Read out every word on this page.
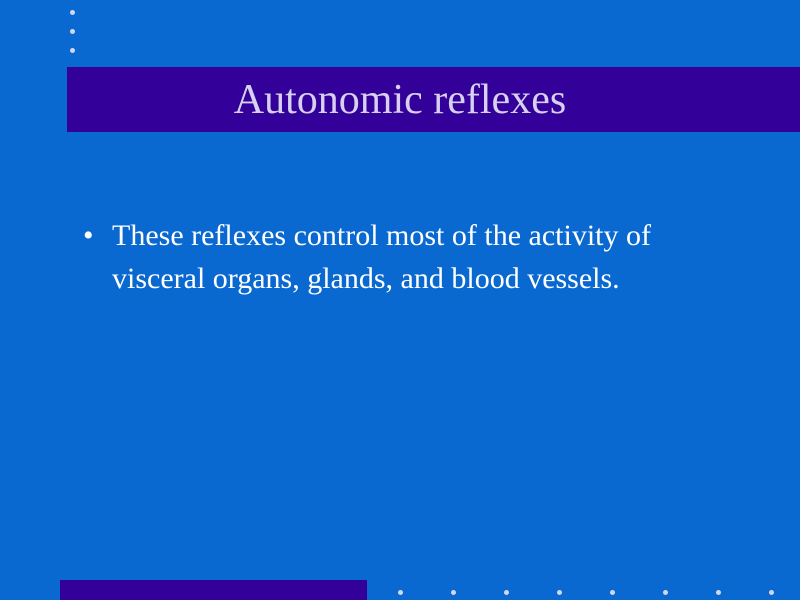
Autonomic reflexes
• These reflexes control most of the activity of visceral organs, glands, and blood vessels.
